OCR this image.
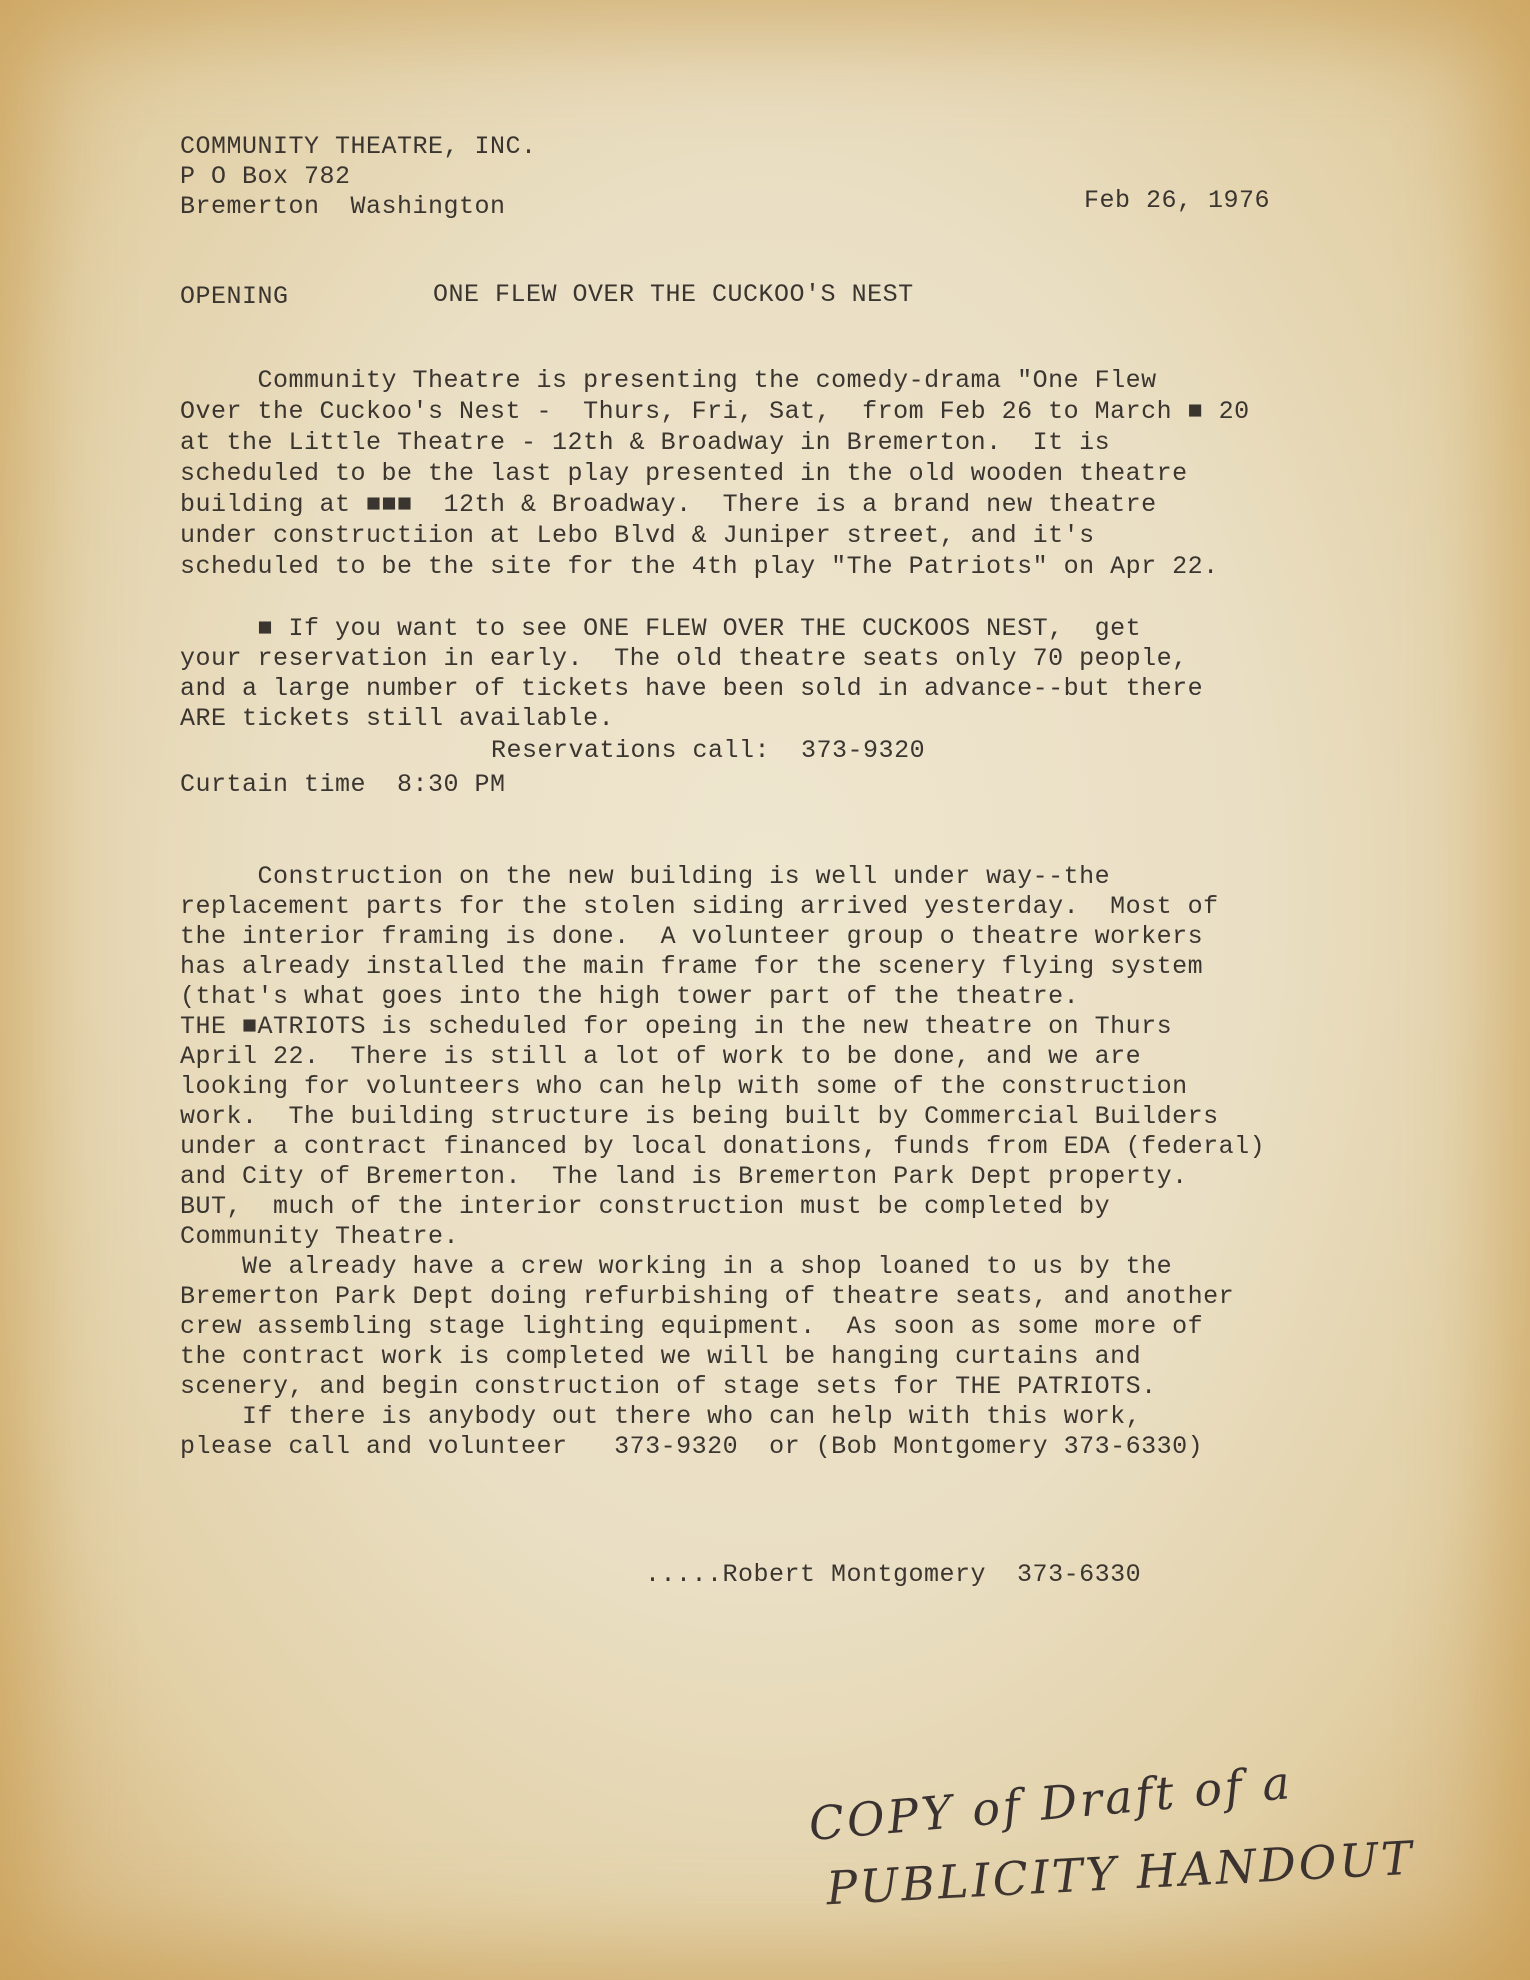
COMMUNITY THEATRE, INC.

P O Box 782

Bremerton  Washington

	Feb 26, 1976
OPENING	ONE FLEW OVER THE CUCKOO'S NEST

Community Theatre is presenting the comedy-drama "One Flew

Over the Cuckoo's Nest -  Thurs, Fri, Sat,  from Feb 26 to March ■ 20

at the Little Theatre - 12th & Broadway in Bremerton.  It is

scheduled to be the last play presented in the old wooden theatre

building at ■■■  12th & Broadway.  There is a brand new theatre

under constructiion at Lebo Blvd & Juniper street, and it's

scheduled to be the site for the 4th play "The Patriots" on Apr 22.

■ If you want to see ONE FLEW OVER THE CUCKOOS NEST,  get

your reservation in early.  The old theatre seats only 70 people,

and a large number of tickets have been sold in advance--but there

ARE tickets still available.

Reservations call:  373-9320
Curtain time  8:30 PM

Construction on the new building is well under way--the

replacement parts for the stolen siding arrived yesterday.  Most of

the interior framing is done.  A volunteer group o theatre workers

has already installed the main frame for the scenery flying system

(that's what goes into the high tower part of the theatre.

THE ■ATRIOTS is scheduled for opeing in the new theatre on Thurs

April 22.  There is still a lot of work to be done, and we are

looking for volunteers who can help with some of the construction

work.  The building structure is being built by Commercial Builders

under a contract financed by local donations, funds from EDA (federal)

and City of Bremerton.  The land is Bremerton Park Dept property.

BUT,  much of the interior construction must be completed by

Community Theatre.

We already have a crew working in a shop loaned to us by the

Bremerton Park Dept doing refurbishing of theatre seats, and another

crew assembling stage lighting equipment.  As soon as some more of

the contract work is completed we will be hanging curtains and

scenery, and begin construction of stage sets for THE PATRIOTS.

If there is anybody out there who can help with this work,

please call and volunteer   373-9320  or (Bob Montgomery 373-6330)

.....Robert Montgomery  373-6330
COPY of Draft of a
PUBLICITY HANDOUT
